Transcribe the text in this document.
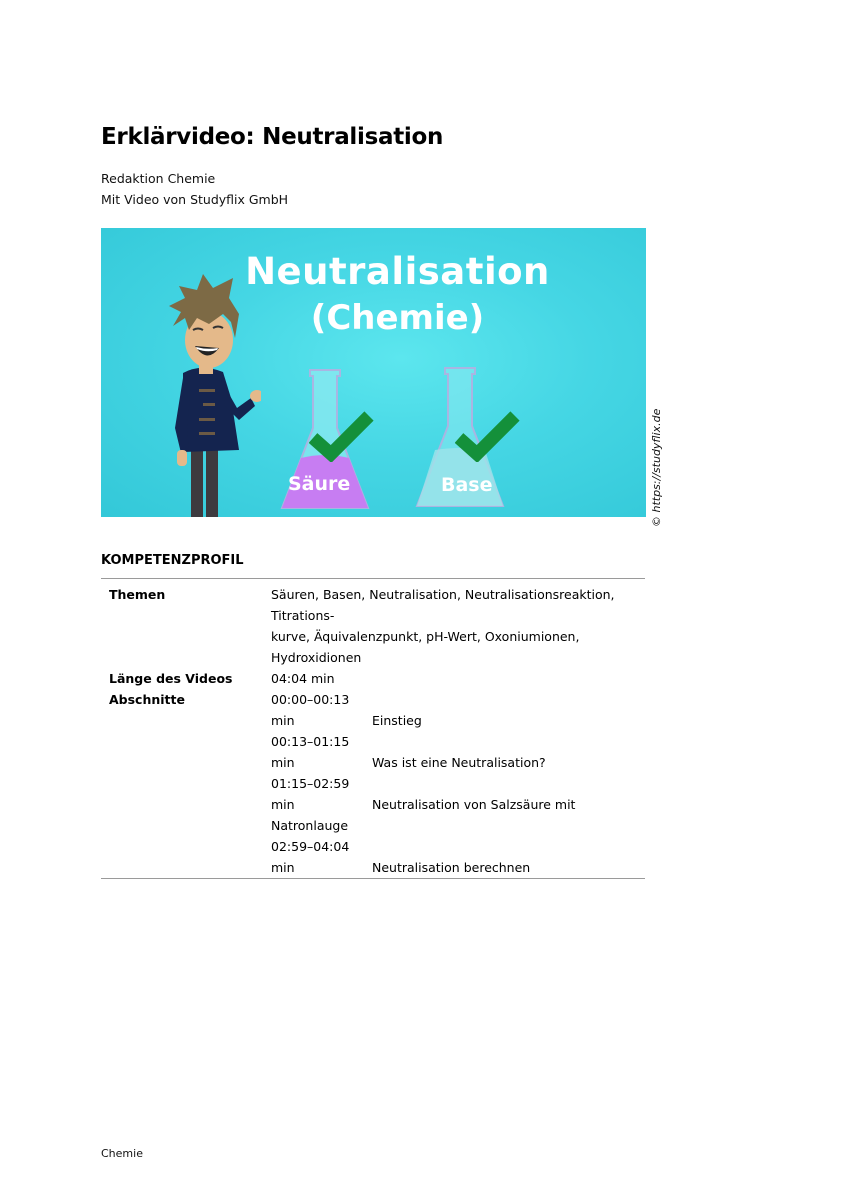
Erklärvideo: Neutralisation
Redaktion Chemie
Mit Video von Studyflix GmbH
Neutralisation
(Chemie)
Säure	Base	© https://studyflix.de
KOMPETENZPROFIL
Themen	Säuren, Basen, Neutralisation, Neutralisationsreaktion, Titrations-
kurve, Äquivalenzpunkt, pH-Wert, Oxoniumionen, Hydroxidionen

Länge des Videos	04:04 min
Abschnitte	00:00–00:13 min Einstieg
00:13–01:15 min Was ist eine Neutralisation?
01:15–02:59 min Neutralisation von Salzsäure mit Natronlauge
02:59–04:04 min Neutralisation berechnen
Chemie
